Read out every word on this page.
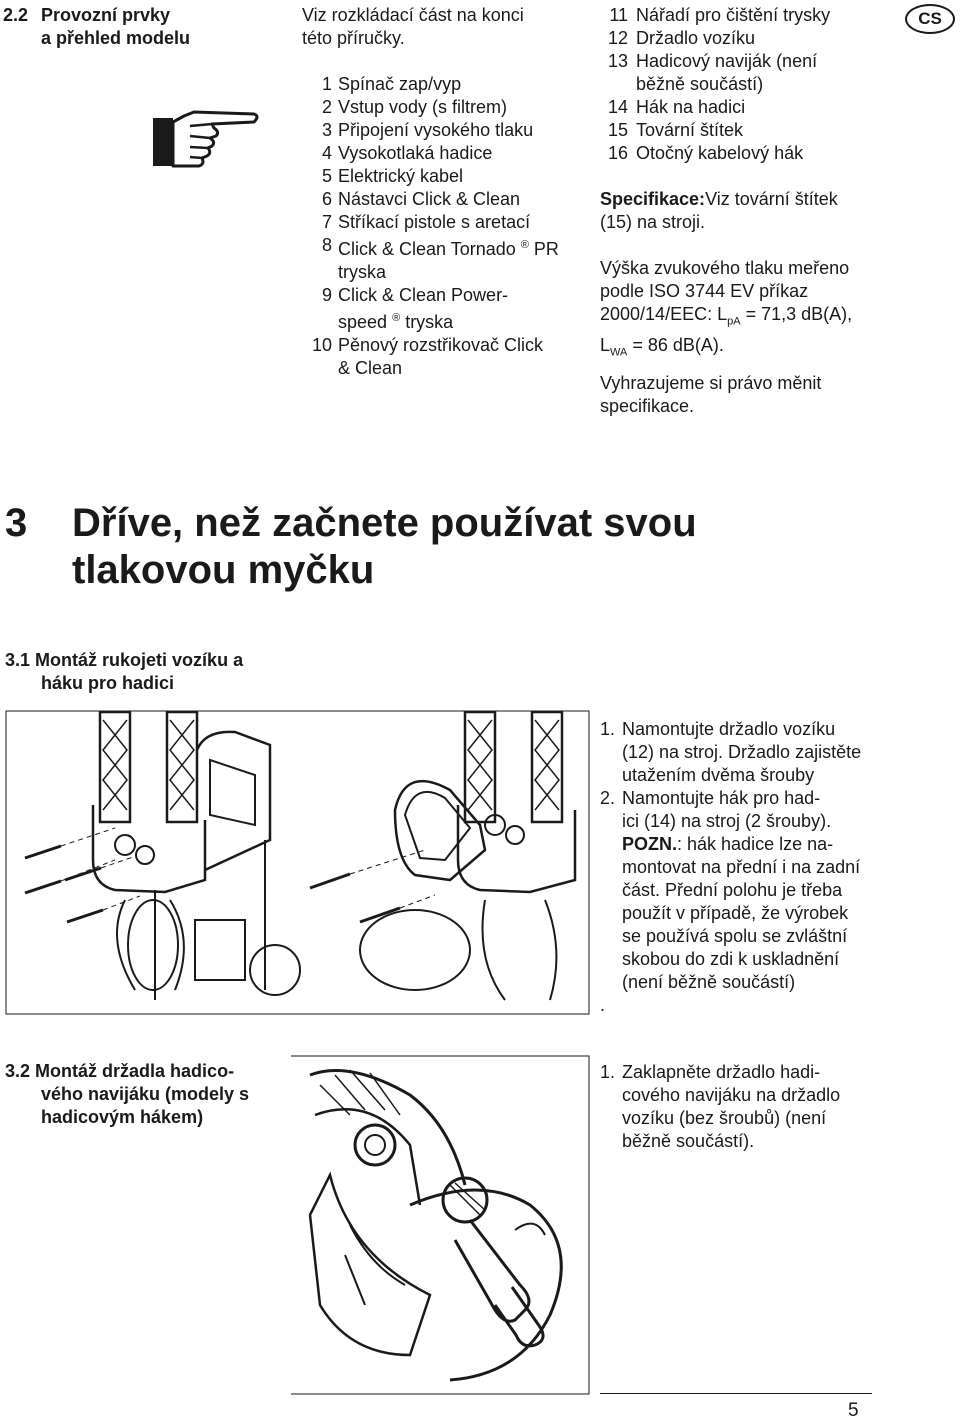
CS
2.2 Provozní prvky
a přehled modelu
Viz rozkládací část na konci
této příručky.
1 Spínač zap/vyp
2 Vstup vody (s filtrem)
3 Připojení vysokého tlaku
4 Vysokotlaká hadice
5 Elektrický kabel
6 Nástavci Click & Clean
7 Stříkací pistole s aretací
8 Click & Clean Tornado ® PR
tryska
9 Click & Clean Power-
speed ® tryska
10 Pěnový rozstřikovač Click
& Clean
11 Nářadí pro čištění trysky
12 Držadlo vozíku
13 Hadicový naviják (není
běžně součástí)
14 Hák na hadici
15 Tovární štítek
16 Otočný kabelový hák
Specifikace:Viz tovární štítek
(15) na stroji.
Výška zvukového tlaku meřeno
podle ISO 3744 EV příkaz
2000/14/EEC: $L_{pA} = 71,3$ dB(A),
$L_{WA} = 86$ dB(A).
Vyhrazujeme si právo měnit
specifikace.
3 Dříve, než začnete používat svou
tlakovou myčku
3.1 Montáž rukojeti vozíku a
háku pro hadici
1. Namontujte držadlo vozíku
(12) na stroj. Držadlo zajistěte
utažením dvěma šrouby
2. Namontujte hák pro had-
ici (14) na stroj (2 šrouby).
POZN.: hák hadice lze na-
montovat na přední i na zadní
část. Přední polohu je třeba
použít v případě, že výrobek
se používá spolu se zvláštní
skobou do zdi k uskladnění
(není běžně součástí)
.
3.2 Montáž držadla hadico-
vého navijáku (modely s
hadicovým hákem)
1. Zaklapněte držadlo hadi-
cového navijáku na držadlo
vozíku (bez šroubů) (není
běžně součástí).
5
